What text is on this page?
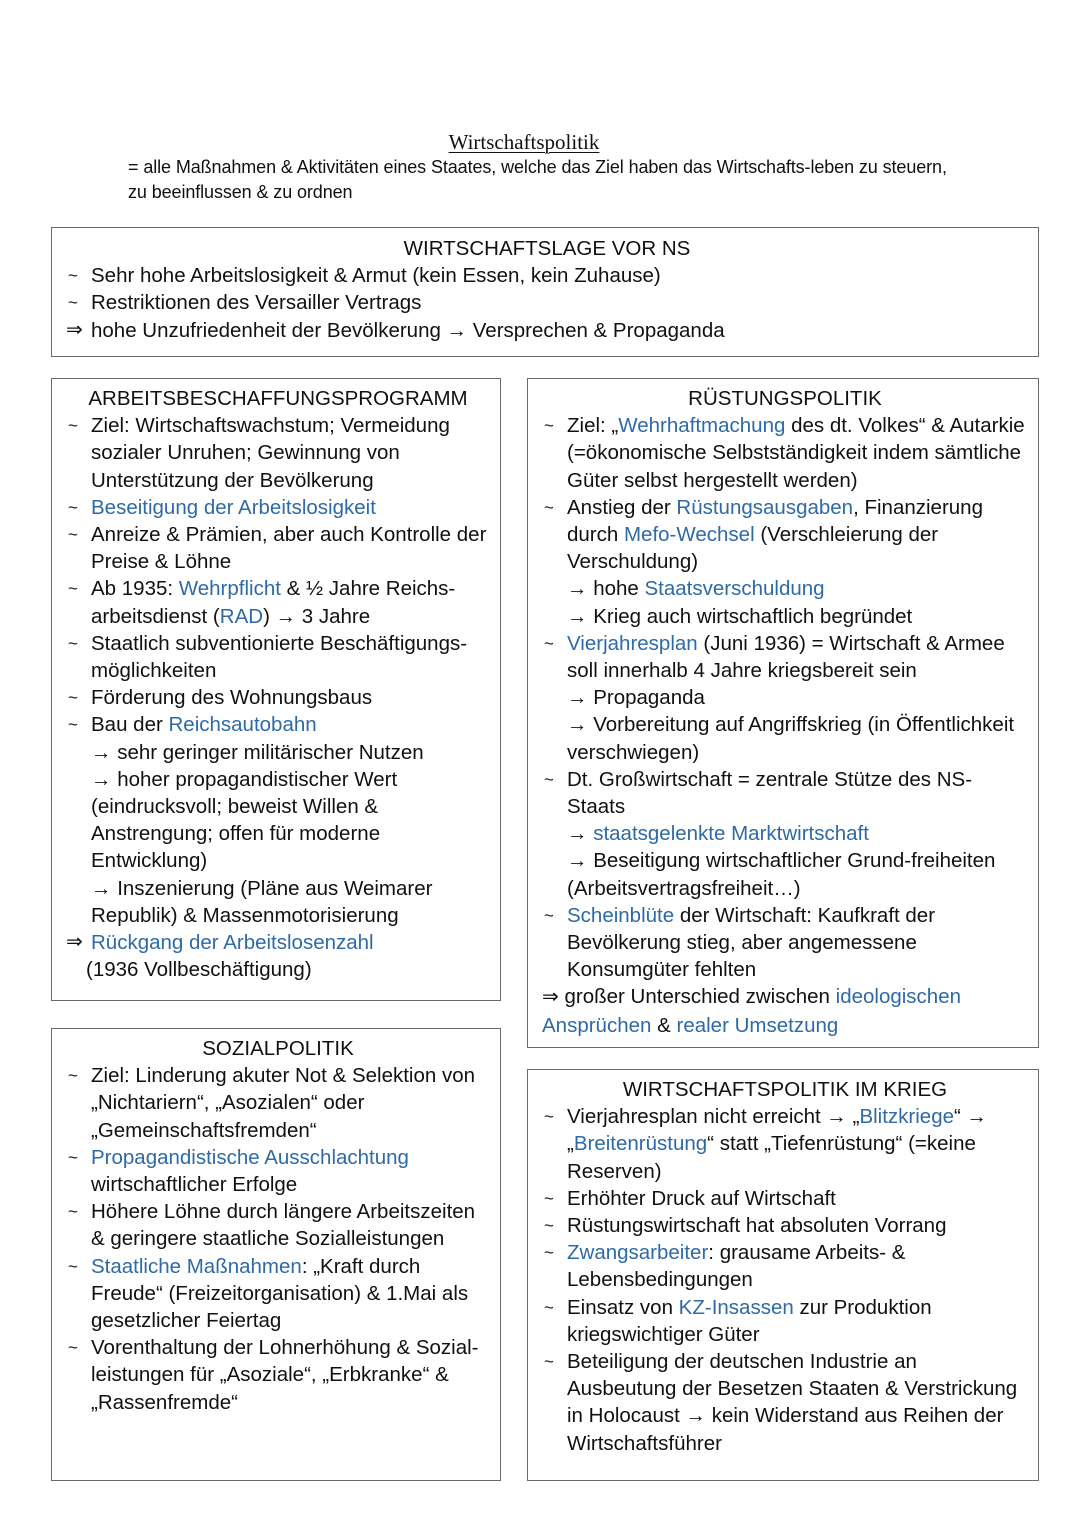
Wirtschaftspolitik
= alle Maßnahmen & Aktivitäten eines Staates, welche das Ziel haben das Wirtschafts-leben zu steuern, zu beeinflussen & zu ordnen
WIRTSCHAFTSLAGE VOR NS
~ Sehr hohe Arbeitslosigkeit & Armut (kein Essen, kein Zuhause)
~ Restriktionen des Versailler Vertrags
⇒ hohe Unzufriedenheit der Bevölkerung → Versprechen & Propaganda
ARBEITSBESCHAFFUNGSPROGRAMM
~ Ziel: Wirtschaftswachstum; Vermeidung sozialer Unruhen; Gewinnung von Unterstützung der Bevölkerung
~ Beseitigung der Arbeitslosigkeit
~ Anreize & Prämien, aber auch Kontrolle der Preise & Löhne
~ Ab 1935: Wehrpflicht & ½ Jahre Reichs-arbeitsdienst (RAD) → 3 Jahre
~ Staatlich subventionierte Beschäftigungs-möglichkeiten
~ Förderung des Wohnungsbaus
~ Bau der Reichsautobahn
→ sehr geringer militärischer Nutzen
→ hoher propagandistischer Wert (eindrucksvoll; beweist Willen & Anstrengung; offen für moderne Entwicklung)
→ Inszenierung (Pläne aus Weimarer Republik) & Massenmotorisierung
⇒ Rückgang der Arbeitslosenzahl
(1936 Vollbeschäftigung)
RÜSTUNGSPOLITIK
~ Ziel: „Wehrhaftmachung des dt. Volkes“ & Autarkie (=ökonomische Selbstständigkeit indem sämtliche Güter selbst hergestellt werden)
~ Anstieg der Rüstungsausgaben, Finanzierung durch Mefo-Wechsel (Verschleierung der Verschuldung)
→ hohe Staatsverschuldung
→ Krieg auch wirtschaftlich begründet
~ Vierjahresplan (Juni 1936) = Wirtschaft & Armee soll innerhalb 4 Jahre kriegsbereit sein
→ Propaganda
→ Vorbereitung auf Angriffskrieg (in Öffentlichkeit verschwiegen)
~ Dt. Großwirtschaft = zentrale Stütze des NS-Staats
→ staatsgelenkte Marktwirtschaft
→ Beseitigung wirtschaftlicher Grund-freiheiten (Arbeitsvertragsfreiheit…)
~ Scheinblüte der Wirtschaft: Kaufkraft der Bevölkerung stieg, aber angemessene Konsumgüter fehlten
⇒ großer Unterschied zwischen ideologischen Ansprüchen & realer Umsetzung
SOZIALPOLITIK
~ Ziel: Linderung akuter Not & Selektion von „Nichtariern“, „Asozialen“ oder „Gemeinschaftsfremden“
~ Propagandistische Ausschlachtung wirtschaftlicher Erfolge
~ Höhere Löhne durch längere Arbeitszeiten & geringere staatliche Sozialleistungen
~ Staatliche Maßnahmen: „Kraft durch Freude“ (Freizeitorganisation) & 1.Mai als gesetzlicher Feiertag
~ Vorenthaltung der Lohnerhöhung & Sozial-leistungen für „Asoziale“, „Erbkranke“ & „Rassenfremde“
WIRTSCHAFTSPOLITIK IM KRIEG
~ Vierjahresplan nicht erreicht → „Blitzkriege“ → „Breitenrüstung“ statt „Tiefenrüstung“ (=keine Reserven)
~ Erhöhter Druck auf Wirtschaft
~ Rüstungswirtschaft hat absoluten Vorrang
~ Zwangsarbeiter: grausame Arbeits- & Lebensbedingungen
~ Einsatz von KZ-Insassen zur Produktion kriegswichtiger Güter
~ Beteiligung der deutschen Industrie an Ausbeutung der Besetzen Staaten & Verstrickung in Holocaust → kein Widerstand aus Reihen der Wirtschaftsführer
